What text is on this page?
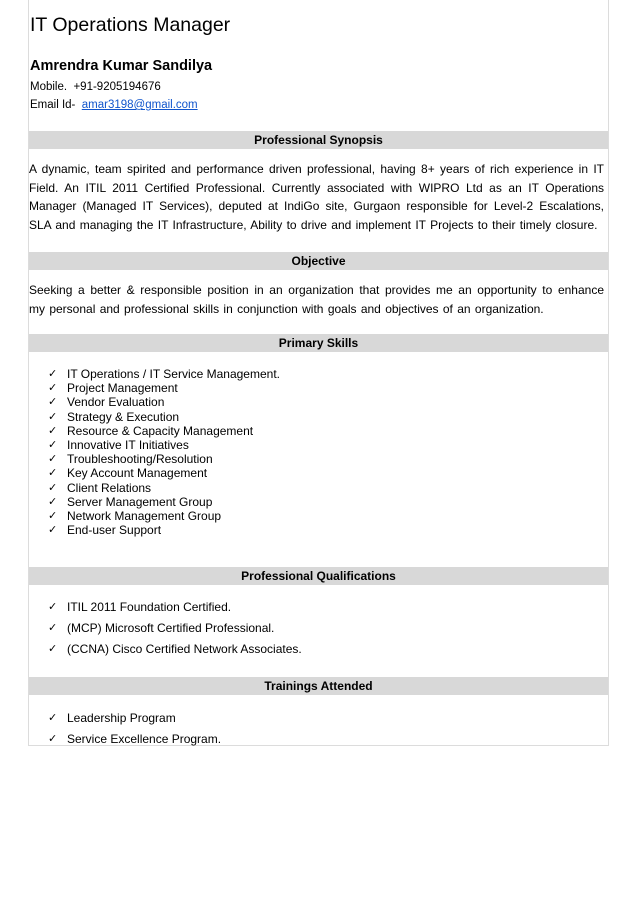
IT Operations Manager
Amrendra Kumar Sandilya

Mobile. +91-9205194676

Email Id- amar3198@gmail.com

Professional Synopsis

A dynamic, team spirited and performance driven professional, having 8+ years of rich experience in IT Field. An ITIL 2011 Certified Professional. Currently associated with WIPRO Ltd as an IT Operations Manager (Managed IT Services), deputed at IndiGo site, Gurgaon responsible for Level-2 Escalations, SLA and managing the IT Infrastructure, Ability to drive and implement IT Projects to their timely closure.

Objective

Seeking a better & responsible position in an organization that provides me an opportunity to enhance my personal and professional skills in conjunction with goals and objectives of an organization.

Primary Skills
✓ IT Operations / IT Service Management.
✓ Project Management
✓ Vendor Evaluation
✓ Strategy & Execution
✓ Resource & Capacity Management
✓ Innovative IT Initiatives
✓ Troubleshooting/Resolution
✓ Key Account Management
✓ Client Relations
✓ Server Management Group
✓ Network Management Group
✓ End-user Support
Professional Qualifications
✓ ITIL 2011 Foundation Certified.
✓ (MCP) Microsoft Certified Professional.
✓ (CCNA) Cisco Certified Network Associates.
Trainings Attended
✓ Leadership Program
✓ Service Excellence Program.
